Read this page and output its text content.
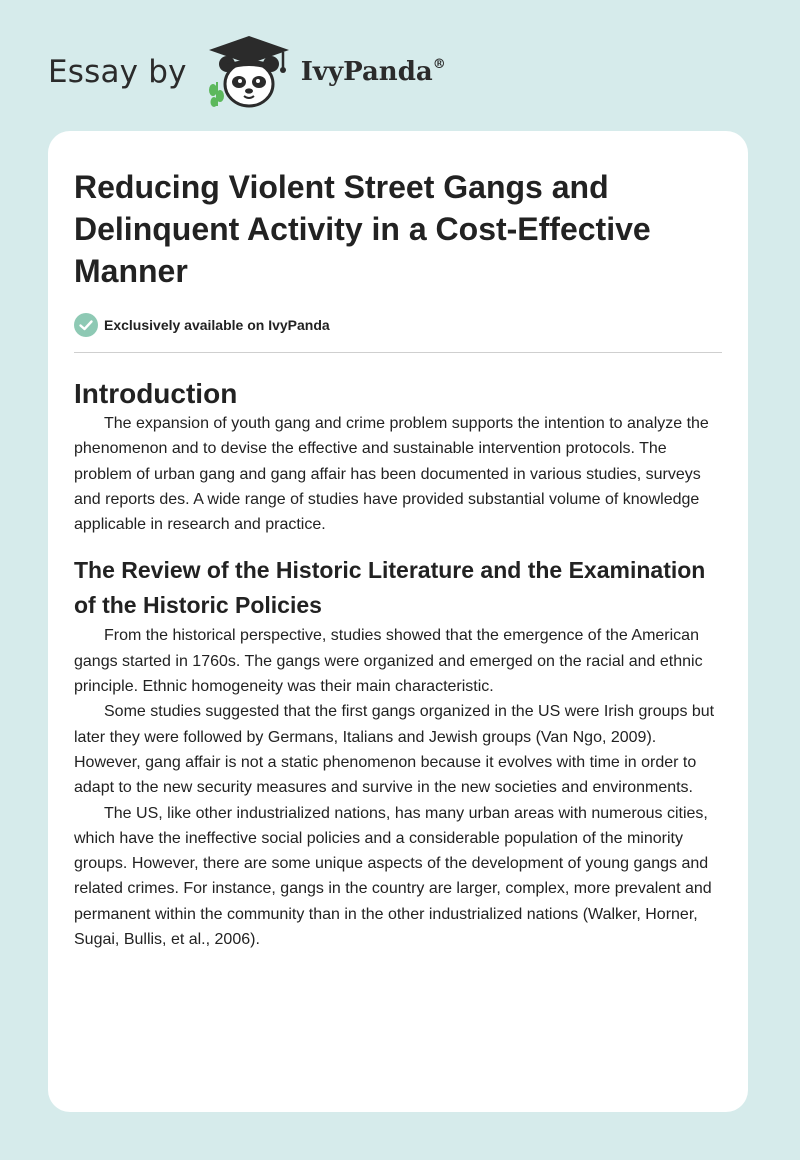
Essay by	IvyPanda®
Reducing Violent Street Gangs and Delinquent Activity in a Cost-Effective Manner
Exclusively available on IvyPanda
Introduction

The expansion of youth gang and crime problem supports the intention to analyze the phenomenon and to devise the effective and sustainable intervention protocols. The problem of urban gang and gang affair has been documented in various studies, surveys and reports des. A wide range of studies have provided substantial volume of knowledge applicable in research and practice.

The Review of the Historic Literature and the Examination of the Historic Policies

From the historical perspective, studies showed that the emergence of the American gangs started in 1760s. The gangs were organized and emerged on the racial and ethnic principle. Ethnic homogeneity was their main characteristic.

Some studies suggested that the first gangs organized in the US were Irish groups but later they were followed by Germans, Italians and Jewish groups (Van Ngo, 2009). However, gang affair is not a static phenomenon because it evolves with time in order to adapt to the new security measures and survive in the new societies and environments.

The US, like other industrialized nations, has many urban areas with numerous cities, which have the ineffective social policies and a considerable population of the minority groups. However, there are some unique aspects of the development of young gangs and related crimes. For instance, gangs in the country are larger, complex, more prevalent and permanent within the community than in the other industrialized nations (Walker, Horner, Sugai, Bullis, et al., 2006).
